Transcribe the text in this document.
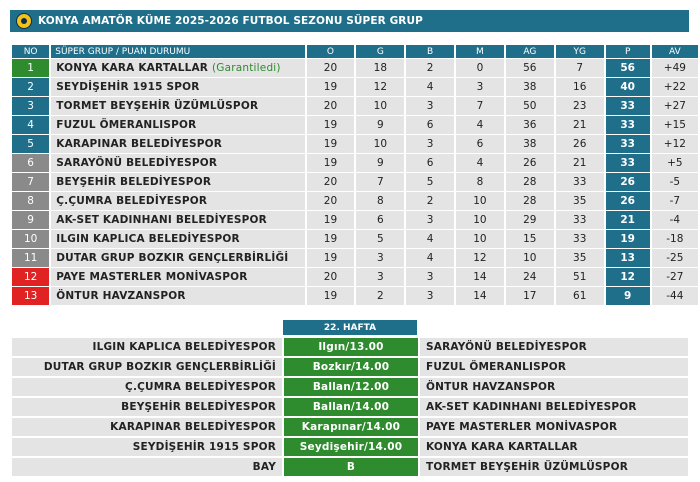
KONYA AMATÖR KÜME 2025-2026 FUTBOL SEZONU SÜPER GRUP
NO	SÜPER GRUP / PUAN DURUMU	O	G	B	M	AG	YG	P	AV
1	KONYA KARA KARTALLAR (Garantiledi)	20	18	2	0	56	7	56	+49
2	SEYDİŞEHİR 1915 SPOR	19	12	4	3	38	16	40	+22
3	TORMET BEYŞEHİR ÜZÜMLÜSPOR	20	10	3	7	50	23	33	+27
4	FUZUL ÖMERANLISPOR	19	9	6	4	36	21	33	+15
5	KARAPINAR BELEDİYESPOR	19	10	3	6	38	26	33	+12
6	SARAYÖNÜ BELEDİYESPOR	19	9	6	4	26	21	33	+5
7	BEYŞEHİR BELEDİYESPOR	20	7	5	8	28	33	26	-5
8	Ç.ÇUMRA BELEDİYESPOR	20	8	2	10	28	35	26	-7
9	AK-SET KADINHANI BELEDİYESPOR	19	6	3	10	29	33	21	-4
10	ILGIN KAPLICA BELEDİYESPOR	19	5	4	10	15	33	19	-18
11	DUTAR GRUP BOZKIR GENÇLERBİRLİĞİ	19	3	4	12	10	35	13	-25
12	PAYE MASTERLER MONİVASPOR	20	3	3	14	24	51	12	-27
13	ÖNTUR HAVZANSPOR	19	2	3	14	17	61	9	-44
22. HAFTA
ILGIN KAPLICA BELEDİYESPOR	Ilgın/13.00	SARAYÖNÜ BELEDİYESPOR
DUTAR GRUP BOZKIR GENÇLERBİRLİĞİ	Bozkır/14.00	FUZUL ÖMERANLISPOR
Ç.ÇUMRA BELEDİYESPOR	Ballan/12.00	ÖNTUR HAVZANSPOR
BEYŞEHİR BELEDİYESPOR	Ballan/14.00	AK-SET KADINHANI BELEDİYESPOR
KARAPINAR BELEDİYESPOR	Karapınar/14.00	PAYE MASTERLER MONİVASPOR
SEYDİŞEHİR 1915 SPOR	Seydişehir/14.00	KONYA KARA KARTALLAR
BAY	B	TORMET BEYŞEHİR ÜZÜMLÜSPOR
